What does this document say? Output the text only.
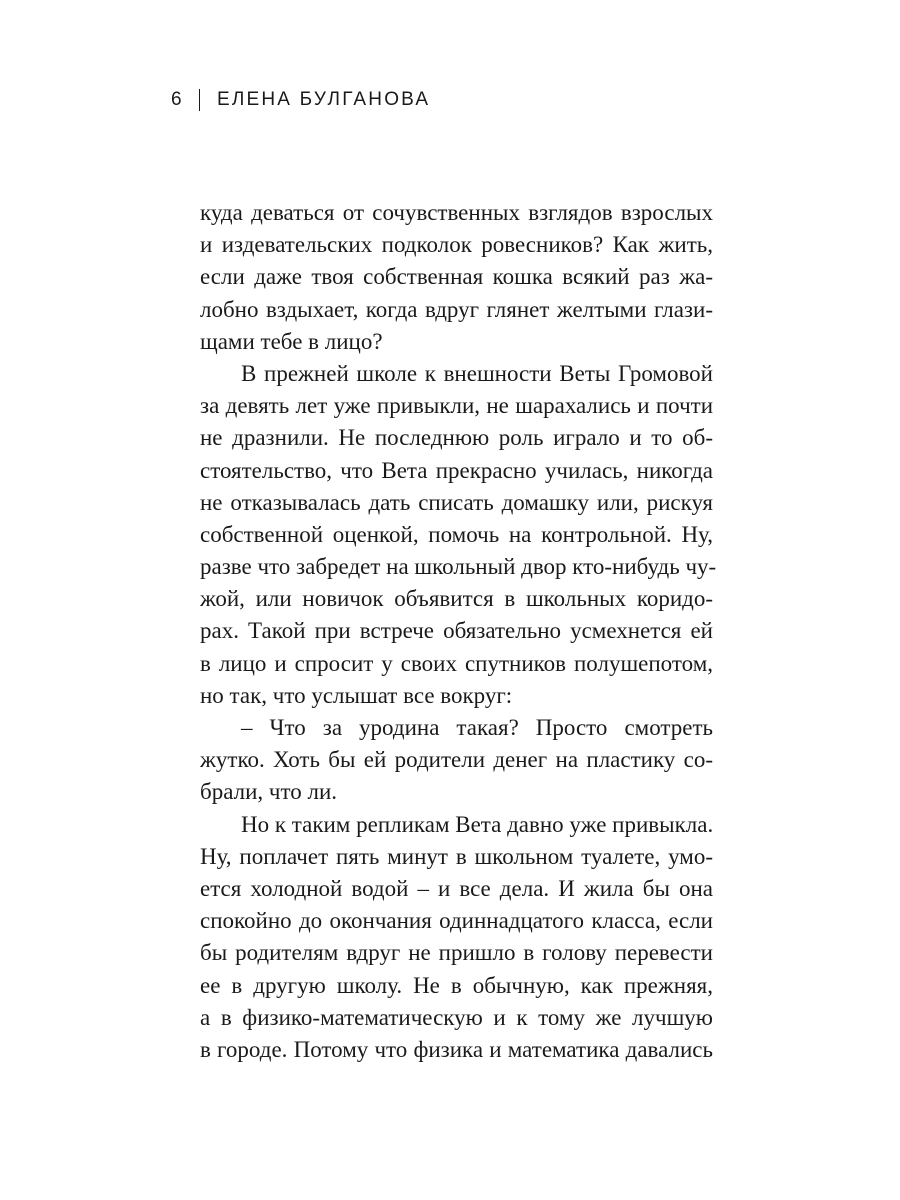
6 ЕЛЕНА БУЛГАНОВА
куда деваться от сочувственных взглядов взрослых
и издевательских подколок ровесников? Как жить,
если даже твоя собственная кошка всякий раз жа-
лобно вздыхает, когда вдруг глянет желтыми глази-
щами тебе в лицо?
В прежней школе к внешности Веты Громовой
за девять лет уже привыкли, не шарахались и почти
не дразнили. Не последнюю роль играло и то об-
стоятельство, что Вета прекрасно училась, никогда
не отказывалась дать списать домашку или, рискуя
собственной оценкой, помочь на контрольной. Ну,
разве что забредет на школьный двор кто-нибудь чу-
жой, или новичок объявится в школьных коридо-
рах. Такой при встрече обязательно усмехнется ей
в лицо и спросит у своих спутников полушепотом,
но так, что услышат все вокруг:
– Что за уродина такая? Просто смотреть
жутко. Хоть бы ей родители денег на пластику со-
брали, что ли.
Но к таким репликам Вета давно уже привыкла.
Ну, поплачет пять минут в школьном туалете, умо-
ется холодной водой – и все дела. И жила бы она
спокойно до окончания одиннадцатого класса, если
бы родителям вдруг не пришло в голову перевести
ее в другую школу. Не в обычную, как прежняя,
а в физико-математическую и к тому же лучшую
в городе. Потому что физика и математика давались
